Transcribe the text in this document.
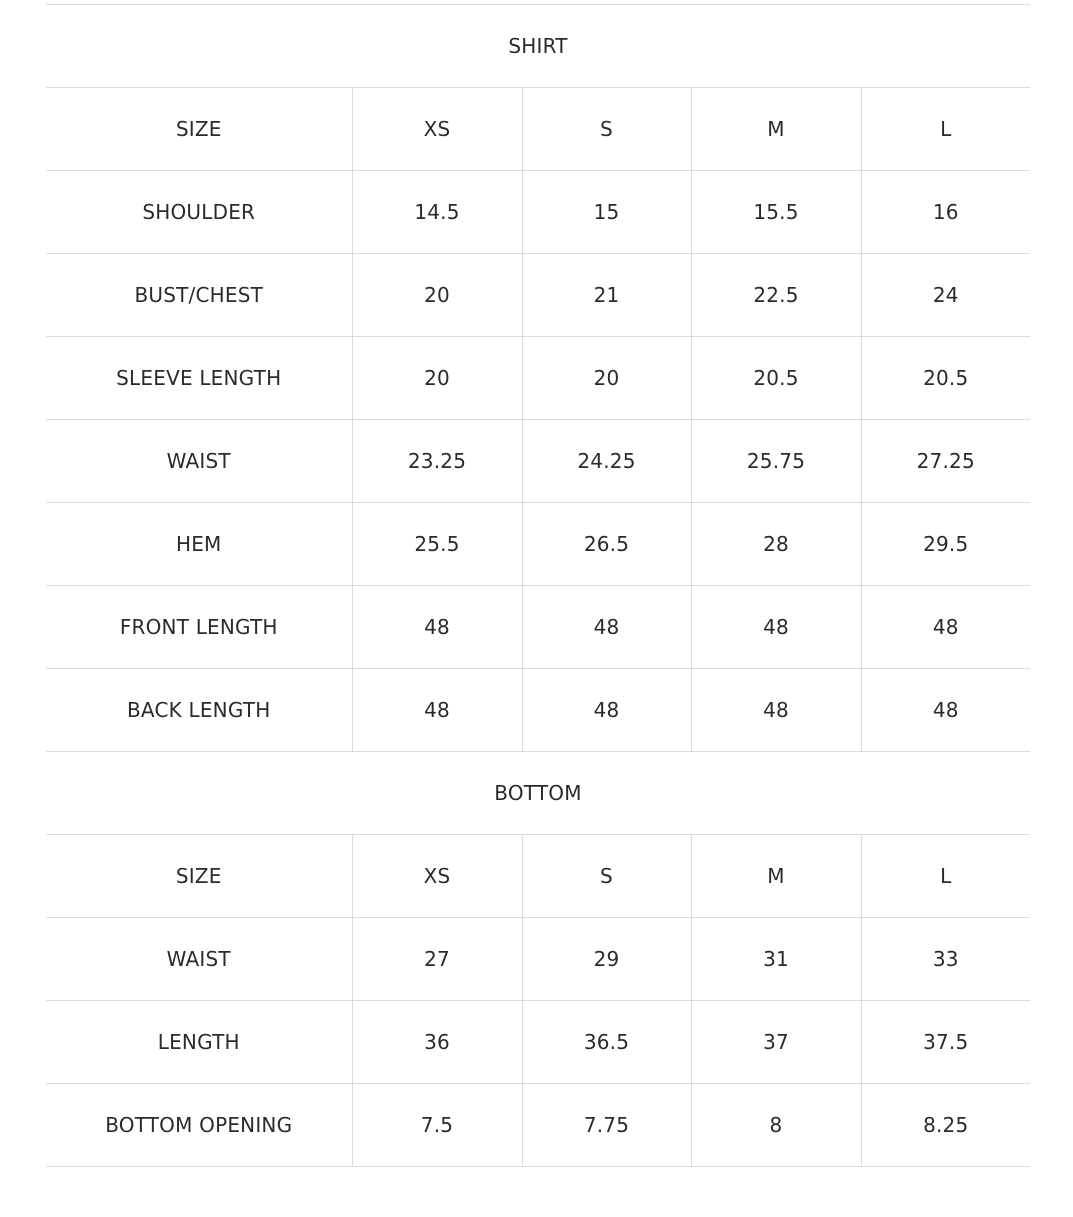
SHIRT				
SIZE	XS	S	M	L
SHOULDER	14.5	15	15.5	16
BUST/CHEST	20	21	22.5	24
SLEEVE LENGTH	20	20	20.5	20.5
WAIST	23.25	24.25	25.75	27.25
HEM	25.5	26.5	28	29.5
FRONT LENGTH	48	48	48	48
BACK LENGTH	48	48	48	48
BOTTOM				
SIZE	XS	S	M	L
WAIST	27	29	31	33
LENGTH	36	36.5	37	37.5
BOTTOM OPENING	7.5	7.75	8	8.25
